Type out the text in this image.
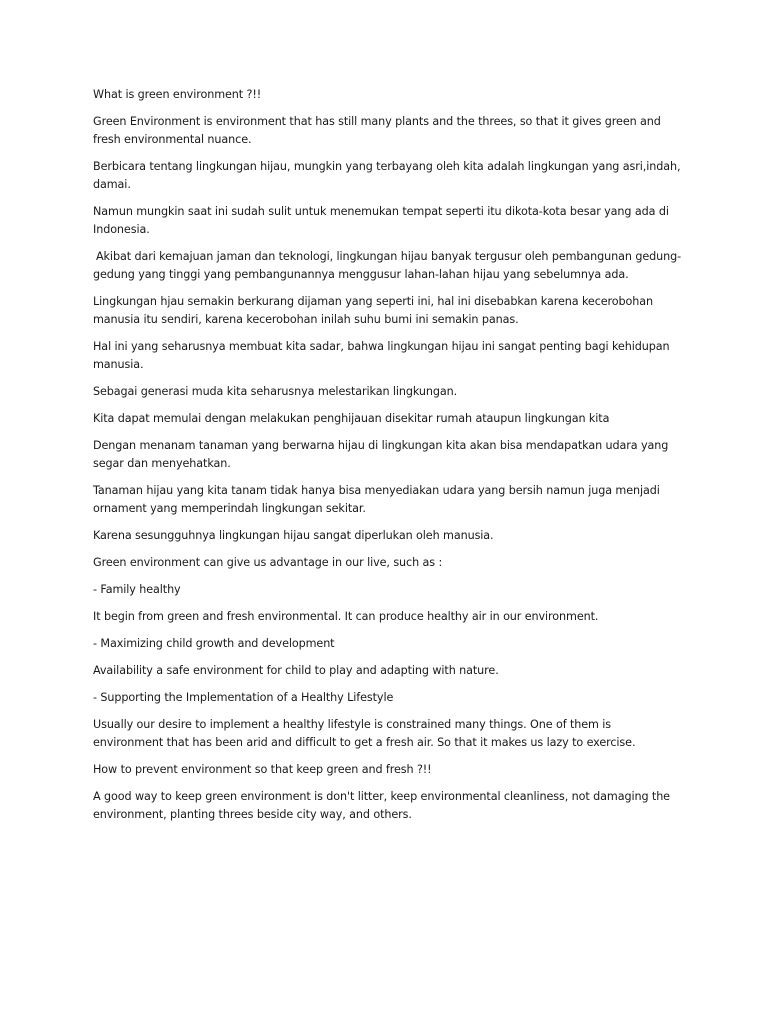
What is green environment ?!!

Green Environment is environment that has still many plants and the threes, so that it gives green and fresh environmental nuance.

Berbicara tentang lingkungan hijau, mungkin yang terbayang oleh kita adalah lingkungan yang asri,indah, damai.

Namun mungkin saat ini sudah sulit untuk menemukan tempat seperti itu dikota-kota besar yang ada di Indonesia.

Akibat dari kemajuan jaman dan teknologi, lingkungan hijau banyak tergusur oleh pembangunan gedung-gedung yang tinggi yang pembangunannya menggusur lahan-lahan hijau yang sebelumnya ada.

Lingkungan hjau semakin berkurang dijaman yang seperti ini, hal ini disebabkan karena kecerobohan manusia itu sendiri, karena kecerobohan inilah suhu bumi ini semakin panas.

Hal ini yang seharusnya membuat kita sadar, bahwa lingkungan hijau ini sangat penting bagi kehidupan manusia.

Sebagai generasi muda kita seharusnya melestarikan lingkungan.

Kita dapat memulai dengan melakukan penghijauan disekitar rumah ataupun lingkungan kita

Dengan menanam tanaman yang berwarna hijau di lingkungan kita akan bisa mendapatkan udara yang segar dan menyehatkan.

Tanaman hijau yang kita tanam tidak hanya bisa menyediakan udara yang bersih namun juga menjadi ornament yang memperindah lingkungan sekitar.

Karena sesungguhnya lingkungan hijau sangat diperlukan oleh manusia.

Green environment can give us advantage in our live, such as :

- Family healthy

It begin from green and fresh environmental. It can produce healthy air in our environment.

- Maximizing child growth and development

Availability a safe environment for child to play and adapting with nature.

- Supporting the Implementation of a Healthy Lifestyle

Usually our desire to implement a healthy lifestyle is constrained many things. One of them is environment that has been arid and difficult to get a fresh air. So that it makes us lazy to exercise.

How to prevent environment so that keep green and fresh ?!!

A good way to keep green environment is don't litter, keep environmental cleanliness, not damaging the environment, planting threes beside city way, and others.
